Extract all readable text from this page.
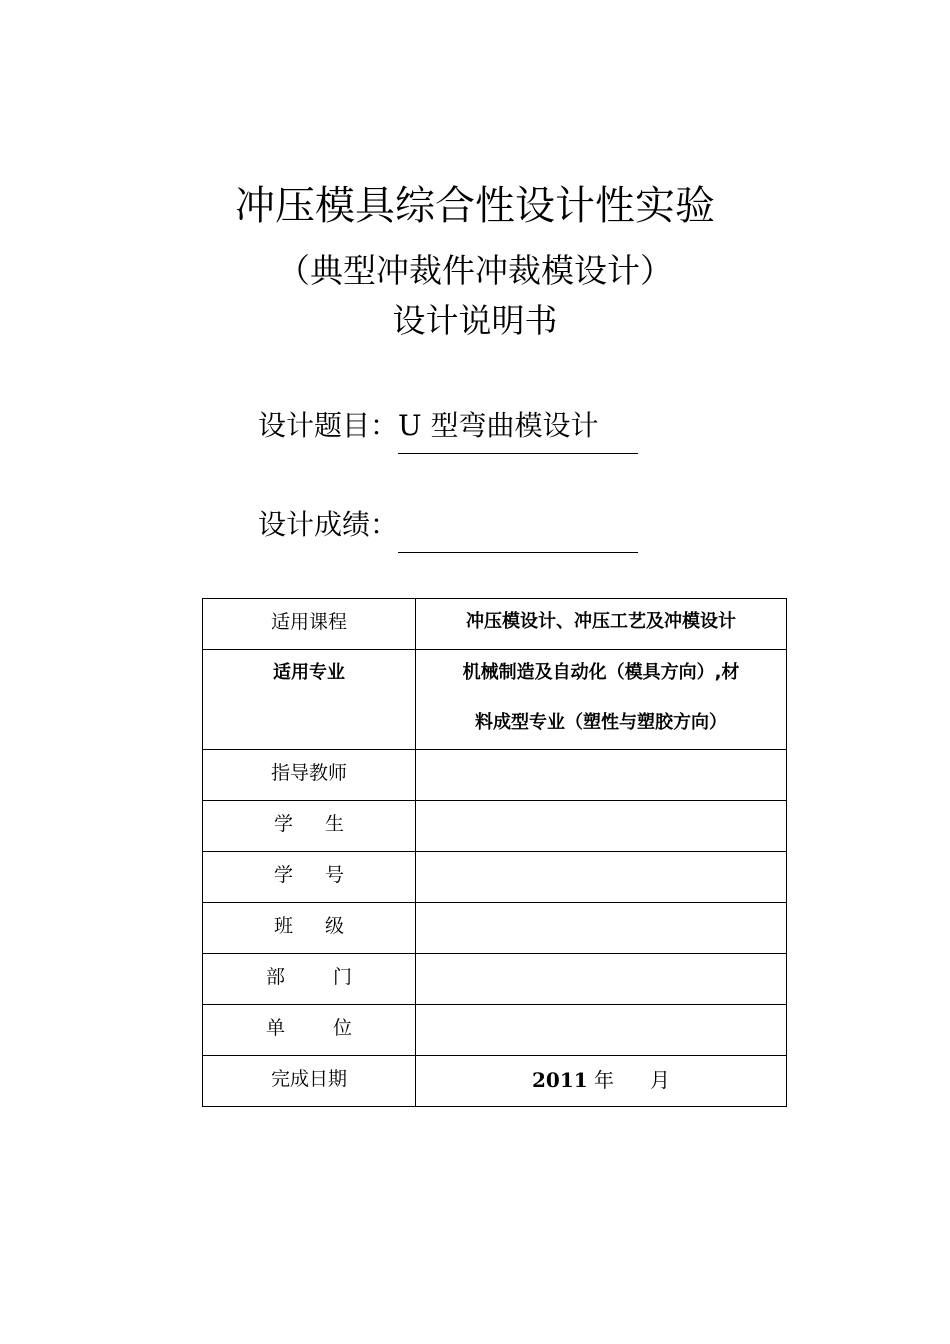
冲压模具综合性设计性实验
（典型冲裁件冲裁模设计）
设计说明书
设计题目：U 型弯曲模设计
设计成绩：
适用课程	冲压模设计、冲压工艺及冲模设计

适用专业	机械制造及自动化（模具方向）,材
料成型专业（塑性与塑胶方向）

指导教师	

学生	

学号	

班级	

部门	

单位	

完成日期	2011 年 月
